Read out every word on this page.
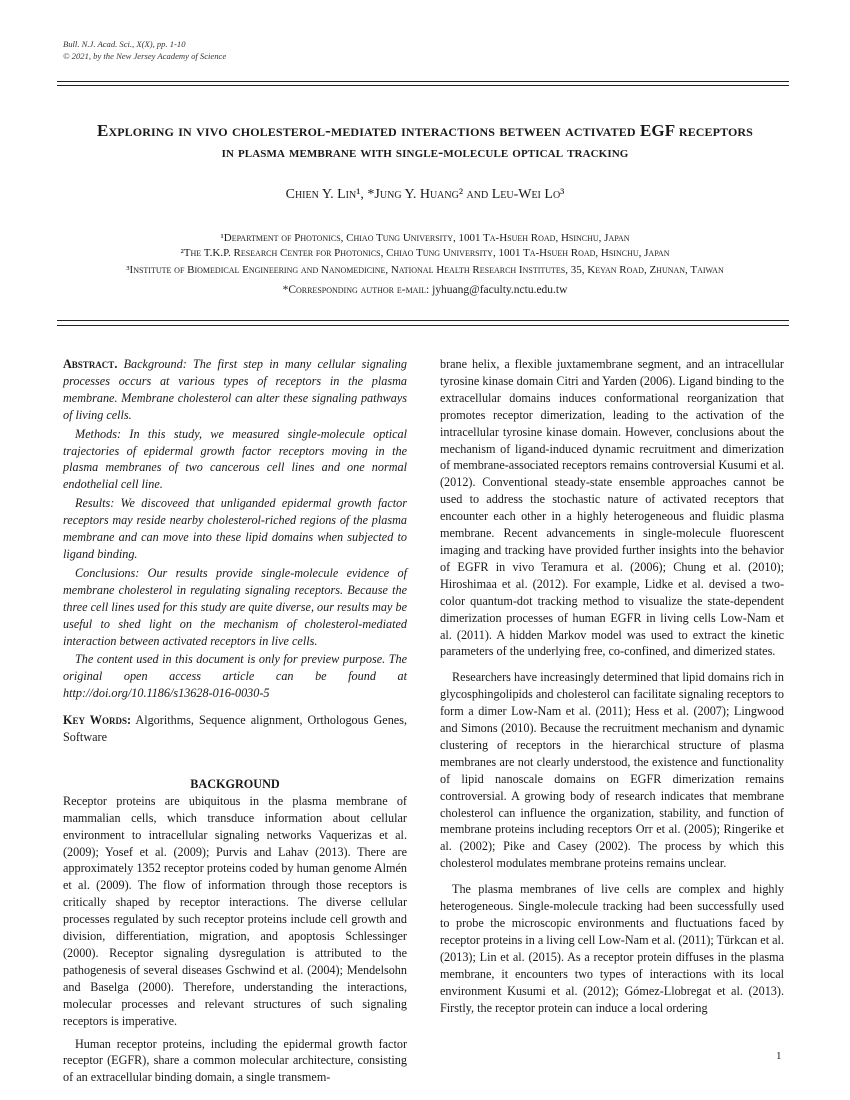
Bull. N.J. Acad. Sci., X(X), pp. 1-10
© 2021, by the New Jersey Academy of Science
Exploring in vivo cholesterol-mediated interactions between activated EGF receptors
in plasma membrane with single-molecule optical tracking
Chien Y. Lin¹, *Jung Y. Huang² and Leu-Wei Lo³
¹Department of Photonics, Chiao Tung University, 1001 Ta-Hsueh Road, Hsinchu, Japan
²The T.K.P. Research Center for Photonics, Chiao Tung University, 1001 Ta-Hsueh Road, Hsinchu, Japan
³Institute of Biomedical Engineering and Nanomedicine, National Health Research Institutes, 35, Keyan Road, Zhunan, Taiwan
*Corresponding author e-mail: jyhuang@faculty.nctu.edu.tw

Abstract. Background: The first step in many cellular signaling processes occurs at various types of receptors in the plasma membrane. Membrane cholesterol can alter these signaling pathways of living cells.

Methods: In this study, we measured single-molecule optical trajectories of epidermal growth factor receptors moving in the plasma membranes of two cancerous cell lines and one normal endothelial cell line.

Results: We discoveed that unliganded epidermal growth factor receptors may reside nearby cholesterol-riched regions of the plasma membrane and can move into these lipid domains when subjected to ligand binding.

Conclusions: Our results provide single-molecule evidence of membrane cholesterol in regulating signaling receptors. Because the three cell lines used for this study are quite diverse, our results may be useful to shed light on the mechanism of cholesterol-mediated interaction between activated receptors in live cells.

The content used in this document is only for preview purpose. The original open access article can be found at http://doi.org/10.1186/s13628-016-0030-5

Key Words: Algorithms, Sequence alignment, Orthologous Genes, Software

BACKGROUND

Receptor proteins are ubiquitous in the plasma membrane of mammalian cells, which transduce information about cellular environment to intracellular signaling networks Vaquerizas et al. (2009); Yosef et al. (2009); Purvis and Lahav (2013). There are approximately 1352 receptor proteins coded by human genome Almén et al. (2009). The flow of information through those receptors is critically shaped by receptor interactions. The diverse cellular processes regulated by such receptor proteins include cell growth and division, differentiation, migration, and apoptosis Schlessinger (2000). Receptor signaling dysregulation is attributed to the pathogenesis of several diseases Gschwind et al. (2004); Mendelsohn and Baselga (2000). Therefore, understanding the interactions, molecular processes and relevant structures of such signaling receptors is imperative.

Human receptor proteins, including the epidermal growth factor receptor (EGFR), share a common molecular architecture, consisting of an extracellular binding domain, a single transmem-

brane helix, a flexible juxtamembrane segment, and an intracellular tyrosine kinase domain Citri and Yarden (2006). Ligand binding to the extracellular domains induces conformational reorganization that promotes receptor dimerization, leading to the activation of the intracellular tyrosine kinase domain. However, conclusions about the mechanism of ligand-induced dynamic recruitment and dimerization of membrane-associated receptors remains controversial Kusumi et al. (2012). Conventional steady-state ensemble approaches cannot be used to address the stochastic nature of activated receptors that encounter each other in a highly heterogeneous and fluidic plasma membrane. Recent advancements in single-molecule fluorescent imaging and tracking have provided further insights into the behavior of EGFR in vivo Teramura et al. (2006); Chung et al. (2010); Hiroshimaa et al. (2012). For example, Lidke et al. devised a two-color quantum-dot tracking method to visualize the state-dependent dimerization processes of human EGFR in living cells Low-Nam et al. (2011). A hidden Markov model was used to extract the kinetic parameters of the underlying free, co-confined, and dimerized states.

Researchers have increasingly determined that lipid domains rich in glycosphingolipids and cholesterol can facilitate signaling receptors to form a dimer Low-Nam et al. (2011); Hess et al. (2007); Lingwood and Simons (2010). Because the recruitment mechanism and dynamic clustering of receptors in the hierarchical structure of plasma membranes are not clearly understood, the existence and functionality of lipid nanoscale domains on EGFR dimerization remains controversial. A growing body of research indicates that membrane cholesterol can influence the organization, stability, and function of membrane proteins including receptors Orr et al. (2005); Ringerike et al. (2002); Pike and Casey (2002). The process by which this cholesterol modulates membrane proteins remains unclear.

The plasma membranes of live cells are complex and highly heterogeneous. Single-molecule tracking had been successfully used to probe the microscopic environments and fluctuations faced by receptor proteins in a living cell Low-Nam et al. (2011); Türkcan et al. (2013); Lin et al. (2015). As a receptor protein diffuses in the plasma membrane, it encounters two types of interactions with its local environment Kusumi et al. (2012); Gómez-Llobregat et al. (2013). Firstly, the receptor protein can induce a local ordering

1
